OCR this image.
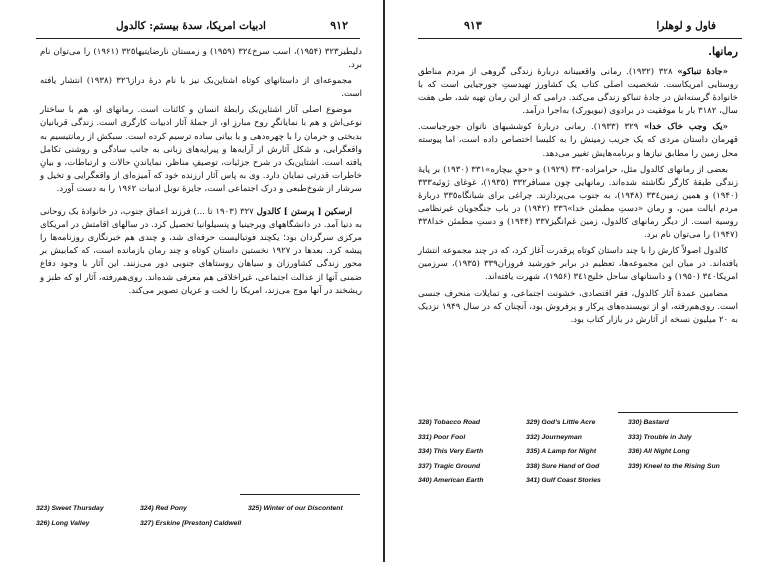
ادبیات امریکا، سدهٔ بیستم: کالدول	٩١٢

دلیطیر٣٢٣ (۱۹۵۴)، اسب سرخ٣٢٤ (۱۹۵۹) و زمستان نارضایتیها٣٢٥ (۱۹۶۱) را می‌توان نام برد.

مجموعه‌ای از داستانهای کوتاه اشتاین‌بک نیز با نام درهٔ دراز٣٢٦ (۱۹۳۸) انتشار یافته است.

موضوع اصلی آثار اشتاین‌بک رابطهٔ انسان و کائنات است. رمانهای او، هم با ساختار نوعی‌اش و هم با نمایانگرِ روح مبارزِ او، از جملهٔ آثار ادبیات کارگری است. زندگی قربانیان بدبختی و حرمان را با چهره‌دهی و با بیانی ساده ترسیم کرده است. سبکش از رمانتیسیم به واقعگرایی، و شکل آثارش از آرایه‌ها و پیرایه‌های زبانی به جانب سادگی و روشنی تکامل یافته است. اشتاین‌بک در شرح جزئیات، توصیفِ مناظر، نمایاندنِ حالات و ارتباطات، و بیانِ خاطرات قدرتی نمایان دارد. وی به پاس آثار ارزنده خود که آمیزه‌ای از واقعگرایی و تخیل و سرشار از شوخ‌طبعی و درک اجتماعی است، جایزهٔ نوبل ادبیات ۱۹۶۲ را به دست آورد.

ارسکین [ پرستن ] کالدول ٣٢٧ (۱۹۰۳ تا ...) فرزند اعماق جنوب، در خانوادهٔ یک روحانی به دنیا آمد. در دانشگاههای ویرجینیا و پنسیلوانیا تحصیل کرد. در سالهای اقامتش در امریکای مرکزی سرگردان بود؛ یکچند فوتبالیست حرفه‌ای شد، و چندی هم خبرنگاری روزنامه‌ها را پیشه کرد. بعدها در ۱۹۲۷ نخستین داستان کوتاه و چند رمان بازمانده است، که کمابیش بر محور زندگی کشاورزان و سیاهان روستاهای جنوبی دور می‌زنند. این آثار با وجود دفاع ضمنی آنها از عدالت اجتماعی، غیراخلاقی هم معرفی شده‌اند. روی‌هم‌رفته، آثار او که طنز و ریشخند در آنها موج می‌زند، امریکا را لخت و عریان تصویر می‌کند.

323) Sweet Thursday	324) Red Pony	325) Winter of our Discontent
326) Long Valley	327) Erskine [Preston] Caldwell
٩١٣	فاول و لوهلرا
رمانها.

«جادهٔ تنباکو» ٣٢٨ (۱۹۳۲). رمانی واقعبینانه دربارهٔ زندگی گروهی از مردم مناطق روستایی امریکاست. شخصیت اصلی کتاب یک کشاورز تهیدستِ جورجیایی است که با خانوادهٔ گرسنه‌اش در جادهٔ تنباکو زندگی می‌کند. درامی که از این رمان تهیه شد، طی هفت سال، ۳۱۸۲ بار با موفقیت در برادوی (نیویورک) به‌اجرا درآمد.

«یک وجب خاک خدا» ٣٢٩ (۱۹۳۳). رمانی دربارهٔ کوششیهای ناتوان جورجیاست. قهرمان داستان مردی که یک جریب زمینش را به کلیسا اختصاص داده است، اما پیوسته محل زمین را مطابق نیازها و برنامه‌هایش تغییر می‌دهد.

بعضی از رمانهای کالدول مثل، حرامزاده٣٣٠ (۱۹۲۹) و «حقِ بیچاره»٣٣١ (۱۹۳۰) بر پایهٔ زندگی طبقهٔ کارگر نگاشته شده‌اند. رمانهایی چون مسافر٣٣٢ (۱۹۳۵)، غوغای ژوئیه٣٣٣ (۱۹۴۰) و همین زمین٣٣٤ (۱۹۴۸)، به جنوب می‌پردازند. چراغی برای شبانگاه٣٣٥ دربارهٔ مردم ایالت مین، و رمان «دستِ مطمئن خدا»٣٣٦ (۱۹۴۲) در باب جنگجویان غیرنظامی روسیه است. از دیگر رمانهای کالدول، زمین غم‌انگیز٣٣٧ (۱۹۴۴) و دستِ مطمئن خدا٣٣٨ (۱۹۴۷) را می‌توان نام برد.

کالدول اصولاً کارش را با چند داستان کوتاه پرقدرت آغاز کرد، که در چند مجموعه انتشار یافته‌اند. در میان این مجموعه‌ها، تعظیم در برابر خورشید فروزان٣٣٩ (۱۹۳۵)، سرزمین امریکا٣٤٠ (۱۹۵۰) و داستانهای ساحل خلیج٣٤١ (۱۹۵۶)، شهرت یافته‌اند.

مضامین عمدهٔ آثار کالدول، فقر اقتصادی، خشونت اجتماعی، و تمایلات منحرف جنسی است. روی‌هم‌رفته، او از نویسنده‌های پرکار و پرفروش بود، آنچنان که در سال ۱۹۴۹ نزدیک به ۲۰ میلیون نسخه از آثارش در بازار کتاب بود.

328) Tobacco Road	329) God's Little Acre	330) Bastard
331) Poor Fool	332) Journeyman	333) Trouble in July
334) This Very Earth	335) A Lamp for Night	336) All Night Long
337) Tragic Ground	338) Sure Hand of God	339) Kneel to the Rising Sun
340) American Earth	341) Gulf Coast Stories
